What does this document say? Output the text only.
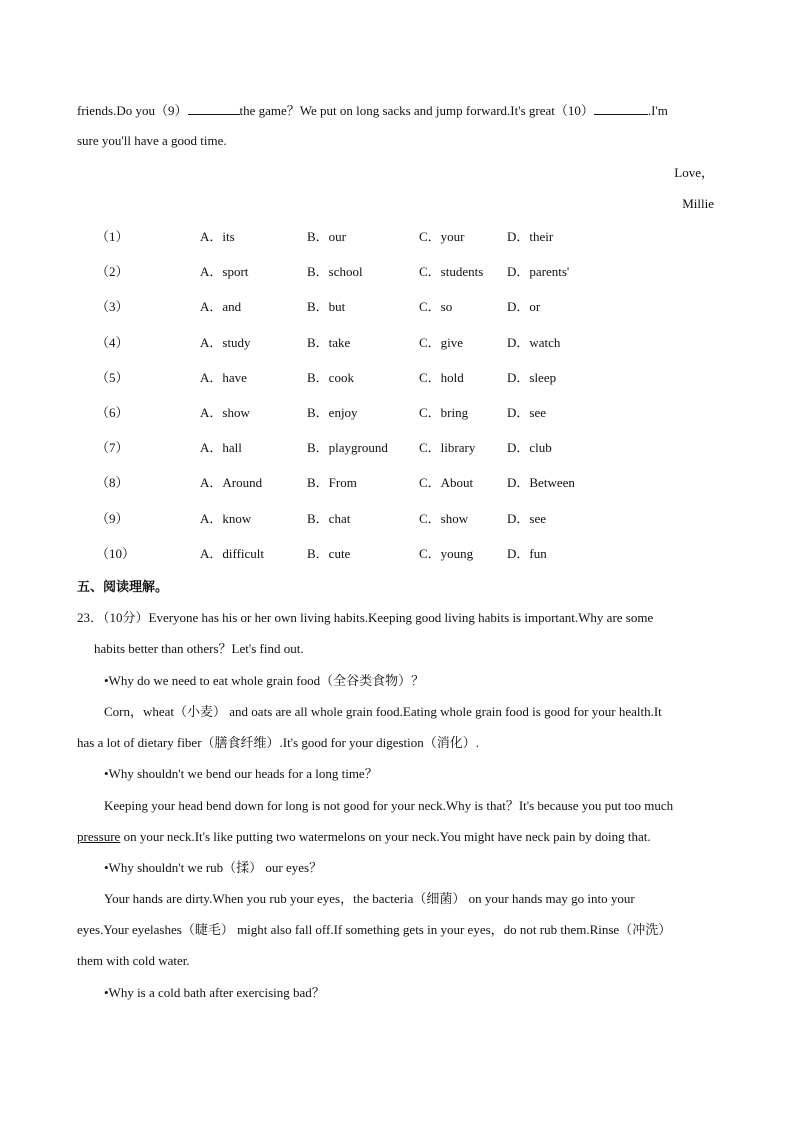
friends.Do you（9）	the game？We put on long sacks and jump forward.It's great（10）	.I'm
sure you'll have a good time.
Love，
Millie
（1）	A．its	B．our	C．your	D．their
（2）	A．sport	B．school	C．students D．parents'
（3）	A．and	B．but	C．so	D．or
（4）	A．study	B．take	C．give	D．watch
（5）	A．have	B．cook	C．hold	D．sleep
（6）	A．show	B．enjoy	C．bring	D．see
（7）	A．hall	B．playground C．library D．club
（8）	A．Around	B．From	C．About	D．Between
（9）	A．know	B．chat	C．show	D．see
（10）	A．difficult	B．cute	C．young	D．fun
五、阅读理解。
23．（10分）Everyone has his or her own living habits.Keeping good living habits is important.Why are some
habits better than others？Let's find out.
•Why do we need to eat whole grain food（全谷类食物）？
Corn，wheat（小麦） and oats are all whole grain food.Eating whole grain food is good for your health.It
has a lot of dietary fiber（膳食纤维）.It's good for your digestion（消化）.
•Why shouldn't we bend our heads for a long time？
Keeping your head bend down for long is not good for your neck.Why is that？It's because you put too much
pressure on your neck.It's like putting two watermelons on your neck.You might have neck pain by doing that.
•Why shouldn't we rub（揉） our eyes？
Your hands are dirty.When you rub your eyes，the bacteria（细菌） on your hands may go into your
eyes.Your eyelashes（睫毛） might also fall off.If something gets in your eyes，do not rub them.Rinse（冲洗）
them with cold water.
•Why is a cold bath after exercising bad？
